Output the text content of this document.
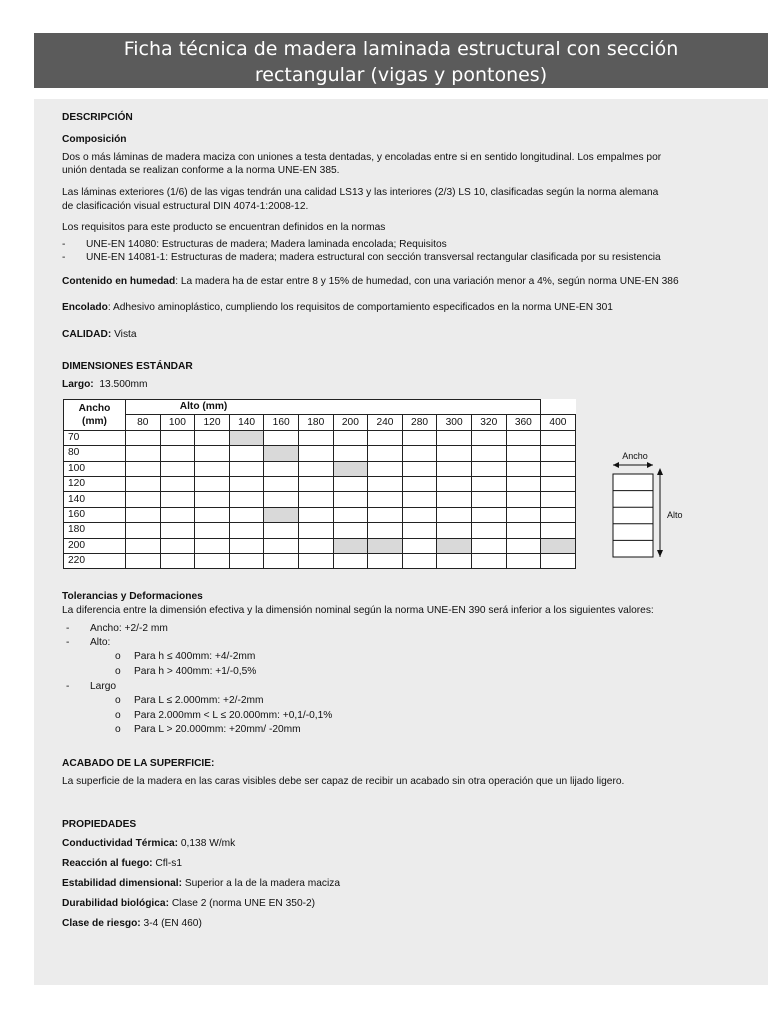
Ficha técnica de madera laminada estructural con sección
rectangular (vigas y pontones)
DESCRIPCIÓN
Composición
Dos o más láminas de madera maciza con uniones a testa dentadas, y encoladas entre si en sentido longitudinal. Los empalmes por
unión dentada se realizan conforme a la norma UNE-EN 385.
Las láminas exteriores (1/6) de las vigas tendrán una calidad LS13 y las interiores (2/3) LS 10, clasificadas según la norma alemana
de clasificación visual estructural DIN 4074-1:2008-12.
Los requisitos para este producto se encuentran definidos en la normas
- UNE-EN 14080: Estructuras de madera; Madera laminada encolada; Requisitos
- UNE-EN 14081-1: Estructuras de madera; madera estructural con sección transversal rectangular clasificada por su resistencia
Contenido en humedad: La madera ha de estar entre 8 y 15% de humedad, con una variación menor a 4%, según norma UNE-EN 386
Encolado: Adhesivo aminoplástico, cumpliendo los requisitos de comportamiento especificados en la norma UNE-EN 301
CALIDAD: Vista
DIMENSIONES ESTÁNDAR
Largo: 13.500mm
Ancho
(mm)	Alto (mm)												
	80	100	120	140	160	180	200	240	280	300	320	360	400
70													
80													
100													
120													
140													
160													
180													
200													
220													
Ancho
Alto
Tolerancias y Deformaciones
La diferencia entre la dimensión efectiva y la dimensión nominal según la norma UNE-EN 390 será inferior a los siguientes valores:
- Ancho: +2/-2 mm
- Alto:
o Para h ≤ 400mm: +4/-2mm
o Para h > 400mm: +1/-0,5%
- Largo
o Para L ≤ 2.000mm: +2/-2mm
o Para 2.000mm < L ≤ 20.000mm: +0,1/-0,1%
o Para L > 20.000mm: +20mm/ -20mm
ACABADO DE LA SUPERFICIE:
La superficie de la madera en las caras visibles debe ser capaz de recibir un acabado sin otra operación que un lijado ligero.
PROPIEDADES
Conductividad Térmica: 0,138 W/mk
Reacción al fuego: Cfl-s1
Estabilidad dimensional: Superior a la de la madera maciza
Durabilidad biológica: Clase 2 (norma UNE EN 350-2)
Clase de riesgo: 3-4 (EN 460)
